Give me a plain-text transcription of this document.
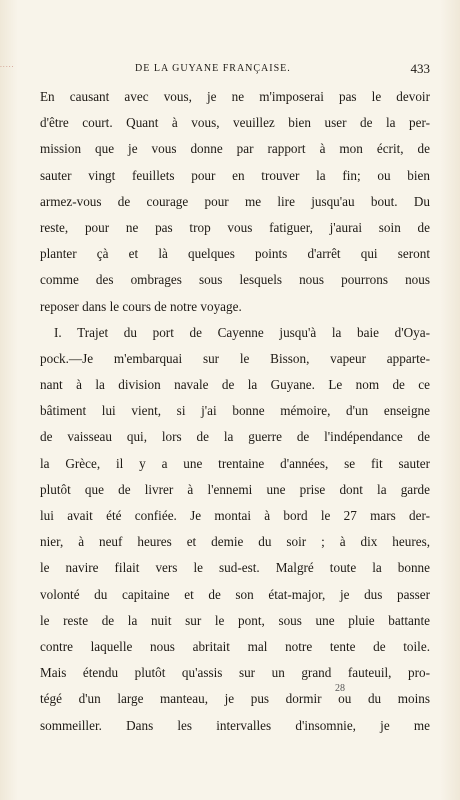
.....	DE LA GUYANE FRANÇAISE.	433
En causant avec vous, je ne m'imposerai pas le devoir
d'être court. Quant à vous, veuillez bien user de la per-
mission que je vous donne par rapport à mon écrit, de
sauter vingt feuillets pour en trouver la fin; ou bien
armez-vous de courage pour me lire jusqu'au bout. Du
reste, pour ne pas trop vous fatiguer, j'aurai soin de
planter çà et là quelques points d'arrêt qui seront
comme des ombrages sous lesquels nous pourrons nous
reposer dans le cours de notre voyage.
I. Trajet du port de Cayenne jusqu'à la baie d'Oya-
pock.—Je m'embarquai sur le Bisson, vapeur apparte-
nant à la division navale de la Guyane. Le nom de ce
bâtiment lui vient, si j'ai bonne mémoire, d'un enseigne
de vaisseau qui, lors de la guerre de l'indépendance de
la Grèce, il y a une trentaine d'années, se fit sauter
plutôt que de livrer à l'ennemi une prise dont la garde
lui avait été confiée. Je montai à bord le 27 mars der-
nier, à neuf heures et demie du soir ; à dix heures,
le navire filait vers le sud-est. Malgré toute la bonne
volonté du capitaine et de son état-major, je dus passer
le reste de la nuit sur le pont, sous une pluie battante
contre laquelle nous abritait mal notre tente de toile.
Mais étendu plutôt qu'assis sur un grand fauteuil, pro-
tégé d'un large manteau, je pus dormir ou du moins
sommeiller. Dans les intervalles d'insomnie, je me
28
